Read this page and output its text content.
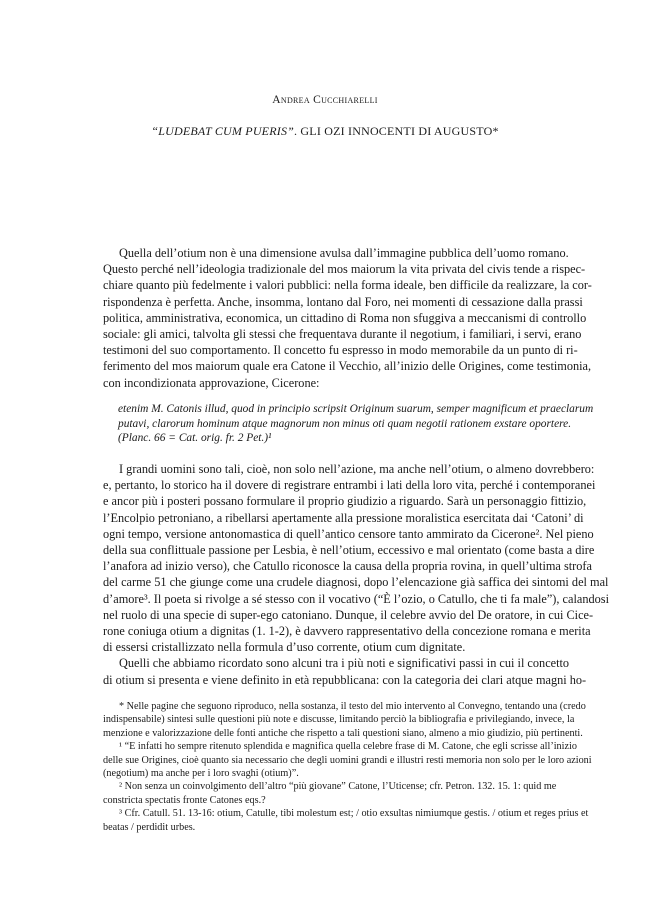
Andrea Cucchiarelli
“LUDEBAT CUM PUERIS”. GLI OZI INNOCENTI DI AUGUSTO*
Quella dell’otium non è una dimensione avulsa dall’immagine pubblica dell’uomo romano.
Questo perché nell’ideologia tradizionale del mos maiorum la vita privata del civis tende a rispec-
chiare quanto più fedelmente i valori pubblici: nella forma ideale, ben difficile da realizzare, la cor-
rispondenza è perfetta. Anche, insomma, lontano dal Foro, nei momenti di cessazione dalla prassi
politica, amministrativa, economica, un cittadino di Roma non sfuggiva a meccanismi di controllo
sociale: gli amici, talvolta gli stessi che frequentava durante il negotium, i familiari, i servi, erano
testimoni del suo comportamento. Il concetto fu espresso in modo memorabile da un punto di ri-
ferimento del mos maiorum quale era Catone il Vecchio, all’inizio delle Origines, come testimonia,
con incondizionata approvazione, Cicerone:
etenim M. Catonis illud, quod in principio scripsit Originum suarum, semper magnificum et praeclarum
putavi, clarorum hominum atque magnorum non minus oti quam negotii rationem exstare oportere.
(Planc. 66 = Cat. orig. fr. 2 Pet.)¹
I grandi uomini sono tali, cioè, non solo nell’azione, ma anche nell’otium, o almeno dovrebbero:
e, pertanto, lo storico ha il dovere di registrare entrambi i lati della loro vita, perché i contemporanei
e ancor più i posteri possano formulare il proprio giudizio a riguardo. Sarà un personaggio fittizio,
l’Encolpio petroniano, a ribellarsi apertamente alla pressione moralistica esercitata dai ‘Catoni’ di
ogni tempo, versione antonomastica di quell’antico censore tanto ammirato da Cicerone². Nel pieno
della sua conflittuale passione per Lesbia, è nell’otium, eccessivo e mal orientato (come basta a dire
l’anafora ad inizio verso), che Catullo riconosce la causa della propria rovina, in quell’ultima strofa
del carme 51 che giunge come una crudele diagnosi, dopo l’elencazione già saffica dei sintomi del mal
d’amore³. Il poeta si rivolge a sé stesso con il vocativo (“È l’ozio, o Catullo, che ti fa male”), calandosi
nel ruolo di una specie di super-ego catoniano. Dunque, il celebre avvio del De oratore, in cui Cice-
rone coniuga otium a dignitas (1. 1-2), è davvero rappresentativo della concezione romana e merita
di essersi cristallizzato nella formula d’uso corrente, otium cum dignitate.
Quelli che abbiamo ricordato sono alcuni tra i più noti e significativi passi in cui il concetto
di otium si presenta e viene definito in età repubblicana: con la categoria dei clari atque magni ho-
* Nelle pagine che seguono riproduco, nella sostanza, il testo del mio intervento al Convegno, tentando una (credo
indispensabile) sintesi sulle questioni più note e discusse, limitando perciò la bibliografia e privilegiando, invece, la
menzione e valorizzazione delle fonti antiche che rispetto a tali questioni siano, almeno a mio giudizio, più pertinenti.
¹ “E infatti ho sempre ritenuto splendida e magnifica quella celebre frase di M. Catone, che egli scrisse all’inizio
delle sue Origines, cioè quanto sia necessario che degli uomini grandi e illustri resti memoria non solo per le loro azioni
(negotium) ma anche per i loro svaghi (otium)”.
² Non senza un coinvolgimento dell’altro “più giovane” Catone, l’Uticense; cfr. Petron. 132. 15. 1: quid me
constricta spectatis fronte Catones eqs.?
³ Cfr. Catull. 51. 13-16: otium, Catulle, tibi molestum est; / otio exsultas nimiumque gestis. / otium et reges prius et
beatas / perdidit urbes.
